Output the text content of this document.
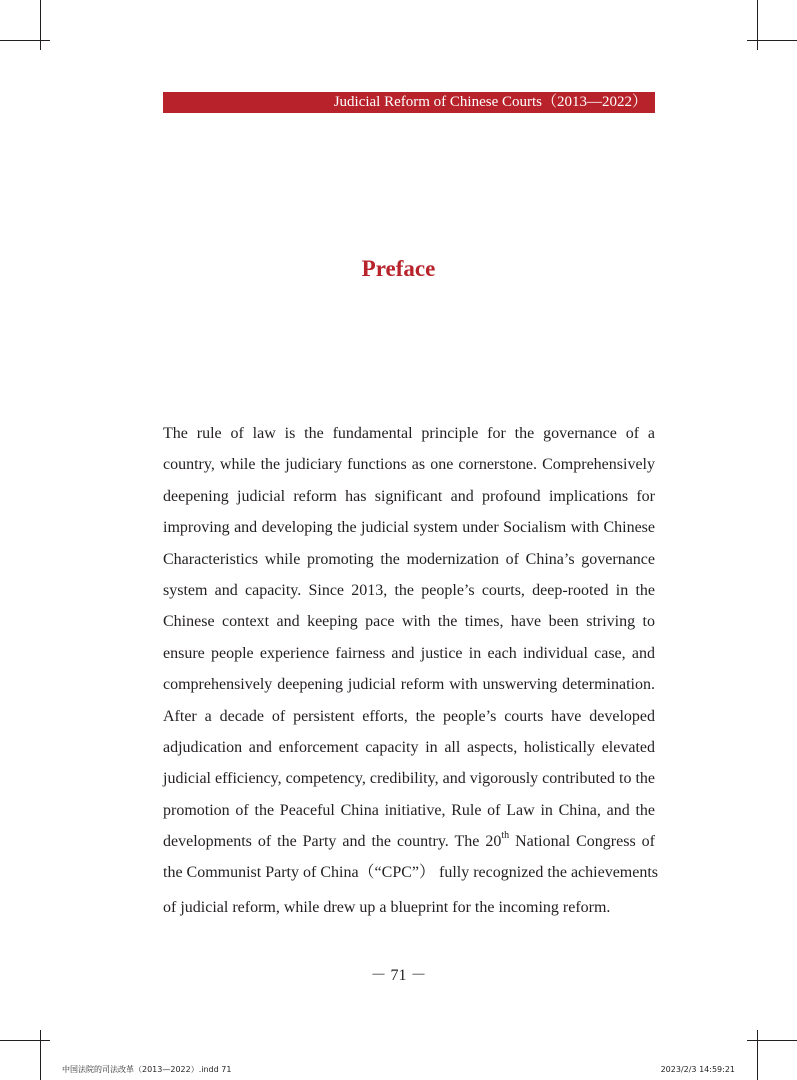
Judicial Reform of Chinese Courts（2013—2022）
Preface
The rule of law is the fundamental principle for the governance of a
country, while the judiciary functions as one cornerstone. Comprehensively
deepening judicial reform has significant and profound implications for
improving and developing the judicial system under Socialism with Chinese
Characteristics while promoting the modernization of China’s governance
system and capacity. Since 2013, the people’s courts, deep-rooted in the
Chinese context and keeping pace with the times, have been striving to
ensure people experience fairness and justice in each individual case, and
comprehensively deepening judicial reform with unswerving determination.
After a decade of persistent efforts, the people’s courts have developed
adjudication and enforcement capacity in all aspects, holistically elevated
judicial efficiency, competency, credibility, and vigorously contributed to the
promotion of the Peaceful China initiative, Rule of Law in China, and the
developments of the Party and the country. The 20th National Congress of
the Communist Party of China（“CPC”） fully recognized the achievements
of judicial reform, while drew up a blueprint for the incoming reform.
－ 71 －
中国法院的司法改革（2013—2022）.indd 71	2023/2/3 14:59:21
